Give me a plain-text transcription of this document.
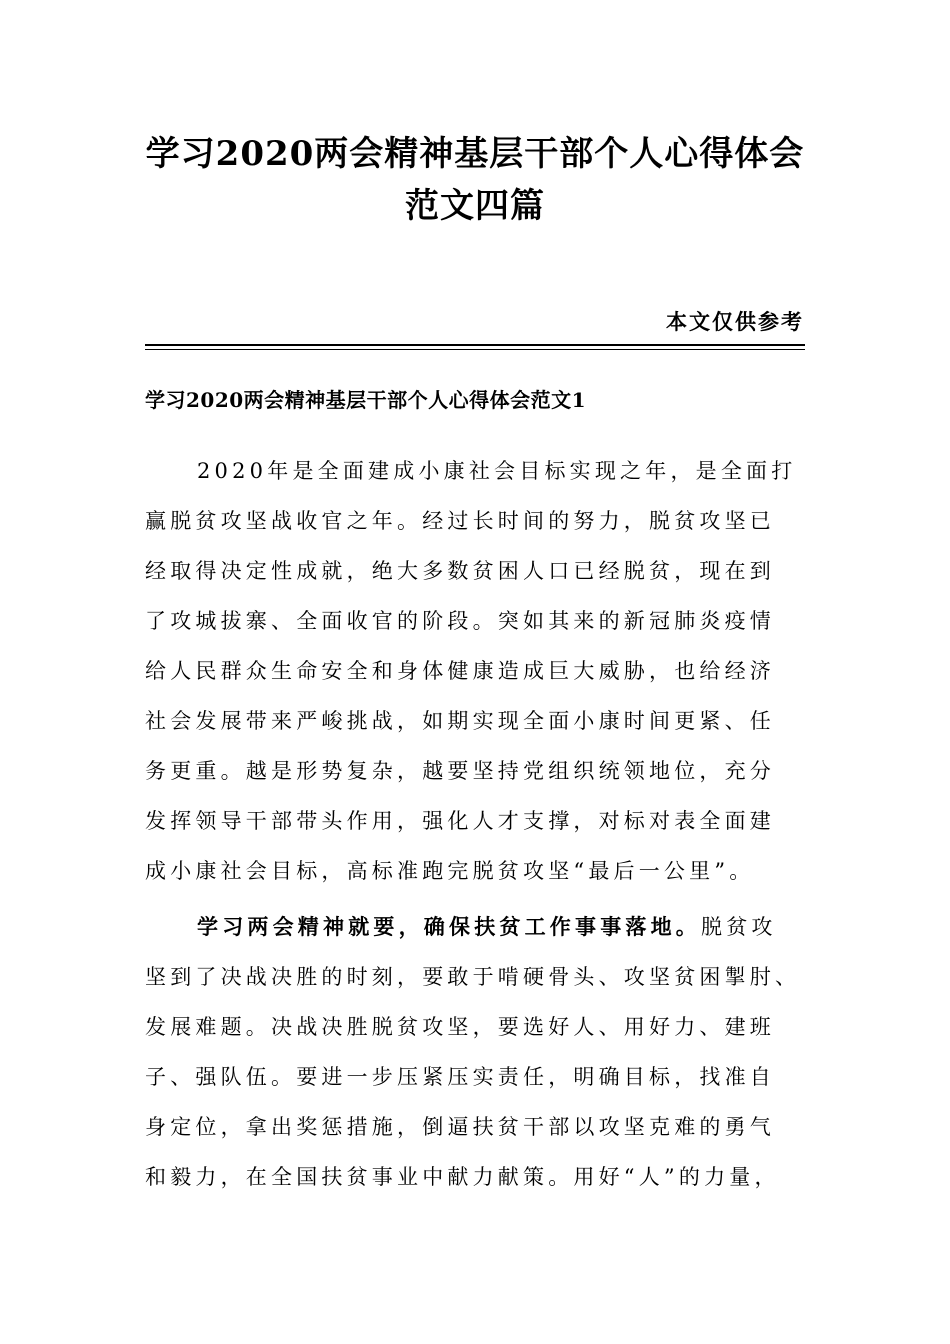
学习2020两会精神基层干部个人心得体会
范文四篇
本文仅供参考
学习2020两会精神基层干部个人心得体会范文1
2020年是全面建成小康社会目标实现之年，是全面打
赢脱贫攻坚战收官之年。经过长时间的努力，脱贫攻坚已
经取得决定性成就，绝大多数贫困人口已经脱贫，现在到
了攻城拔寨、全面收官的阶段。突如其来的新冠肺炎疫情
给人民群众生命安全和身体健康造成巨大威胁，也给经济
社会发展带来严峻挑战，如期实现全面小康时间更紧、任
务更重。越是形势复杂，越要坚持党组织统领地位，充分
发挥领导干部带头作用，强化人才支撑，对标对表全面建
成小康社会目标，高标准跑完脱贫攻坚“最后一公里”。
学习两会精神就要，确保扶贫工作事事落地。脱贫攻
坚到了决战决胜的时刻，要敢于啃硬骨头、攻坚贫困掣肘、
发展难题。决战决胜脱贫攻坚，要选好人、用好力、建班
子、强队伍。要进一步压紧压实责任，明确目标，找准自
身定位，拿出奖惩措施，倒逼扶贫干部以攻坚克难的勇气
和毅力，在全国扶贫事业中献力献策。用好“人”的力量，
